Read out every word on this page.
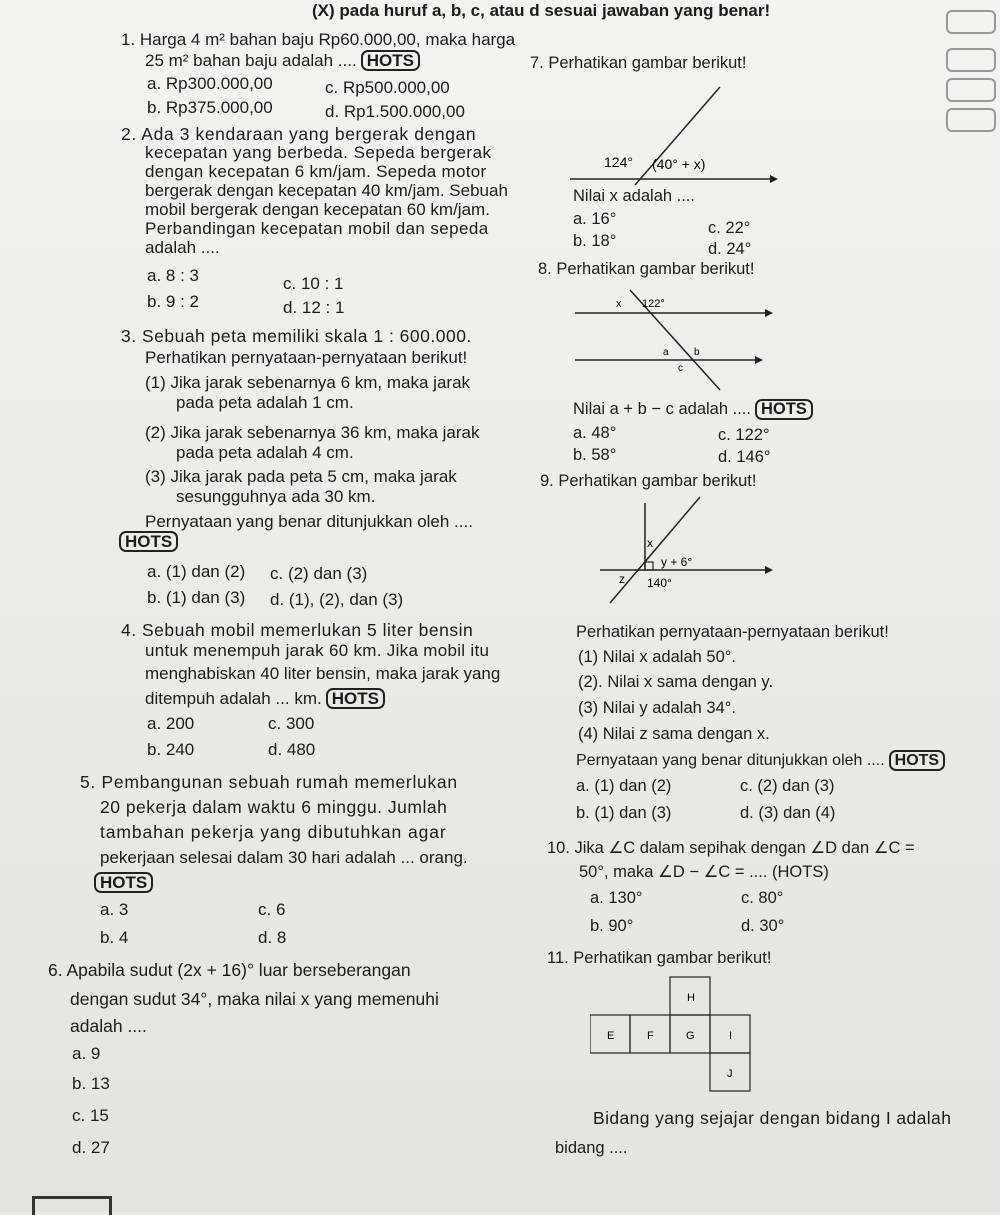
(X) pada huruf a, b, c, atau d sesuai jawaban yang benar!
1. Harga 4 m² bahan baju Rp60.000,00, maka harga
25 m² bahan baju adalah .... HOTS
a. Rp300.000,00	c. Rp500.000,00
b. Rp375.000,00	d. Rp1.500.000,00
2. Ada 3 kendaraan yang bergerak dengan
kecepatan yang berbeda. Sepeda bergerak
dengan kecepatan 6 km/jam. Sepeda motor
bergerak dengan kecepatan 40 km/jam. Sebuah
mobil bergerak dengan kecepatan 60 km/jam.
Perbandingan kecepatan mobil dan sepeda
adalah ....
a. 8 : 3	c. 10 : 1
b. 9 : 2	d. 12 : 1
3. Sebuah peta memiliki skala 1 : 600.000.
Perhatikan pernyataan-pernyataan berikut!
(1) Jika jarak sebenarnya 6 km, maka jarak
pada peta adalah 1 cm.
(2) Jika jarak sebenarnya 36 km, maka jarak
pada peta adalah 4 cm.
(3) Jika jarak pada peta 5 cm, maka jarak
sesungguhnya ada 30 km.
Pernyataan yang benar ditunjukkan oleh ....
HOTS
a. (1) dan (2) c. (2) dan (3)
b. (1) dan (3) d. (1), (2), dan (3)
4. Sebuah mobil memerlukan 5 liter bensin
untuk menempuh jarak 60 km. Jika mobil itu
menghabiskan 40 liter bensin, maka jarak yang
ditempuh adalah ... km. HOTS
a. 200	c. 300
b. 240	d. 480
5. Pembangunan sebuah rumah memerlukan
20 pekerja dalam waktu 6 minggu. Jumlah
tambahan pekerja yang dibutuhkan agar
pekerjaan selesai dalam 30 hari adalah ... orang.
HOTS
a. 3	c. 6
b. 4	d. 8
6. Apabila sudut (2x + 16)° luar berseberangan
dengan sudut 34°, maka nilai x yang memenuhi
adalah ....
a. 9
b. 13
c. 15
d. 27
7. Perhatikan gambar berikut!
124° (40° + x)
Nilai x adalah ....
a. 16°	c. 22°
b. 18°	d. 24°
8. Perhatikan gambar berikut!
x 122°
a	b
c
Nilai a + b − c adalah .... HOTS
a. 48°	c. 122°
b. 58°	d. 146°
9. Perhatikan gambar berikut!
x
y + 6°
z 140°
Perhatikan pernyataan-pernyataan berikut!
(1) Nilai x adalah 50°.
(2). Nilai x sama dengan y.
(3) Nilai y adalah 34°.
(4) Nilai z sama dengan x.
Pernyataan yang benar ditunjukkan oleh .... HOTS
a. (1) dan (2)	c. (2) dan (3)
b. (1) dan (3)	d. (3) dan (4)
10. Jika ∠C dalam sepihak dengan ∠D dan ∠C =
50°, maka ∠D − ∠C = .... (HOTS)
a. 130°	c. 80°
b. 90°	d. 30°
11. Perhatikan gambar berikut!
H
E	F	G	I
J
Bidang yang sejajar dengan bidang I adalah
bidang ....
